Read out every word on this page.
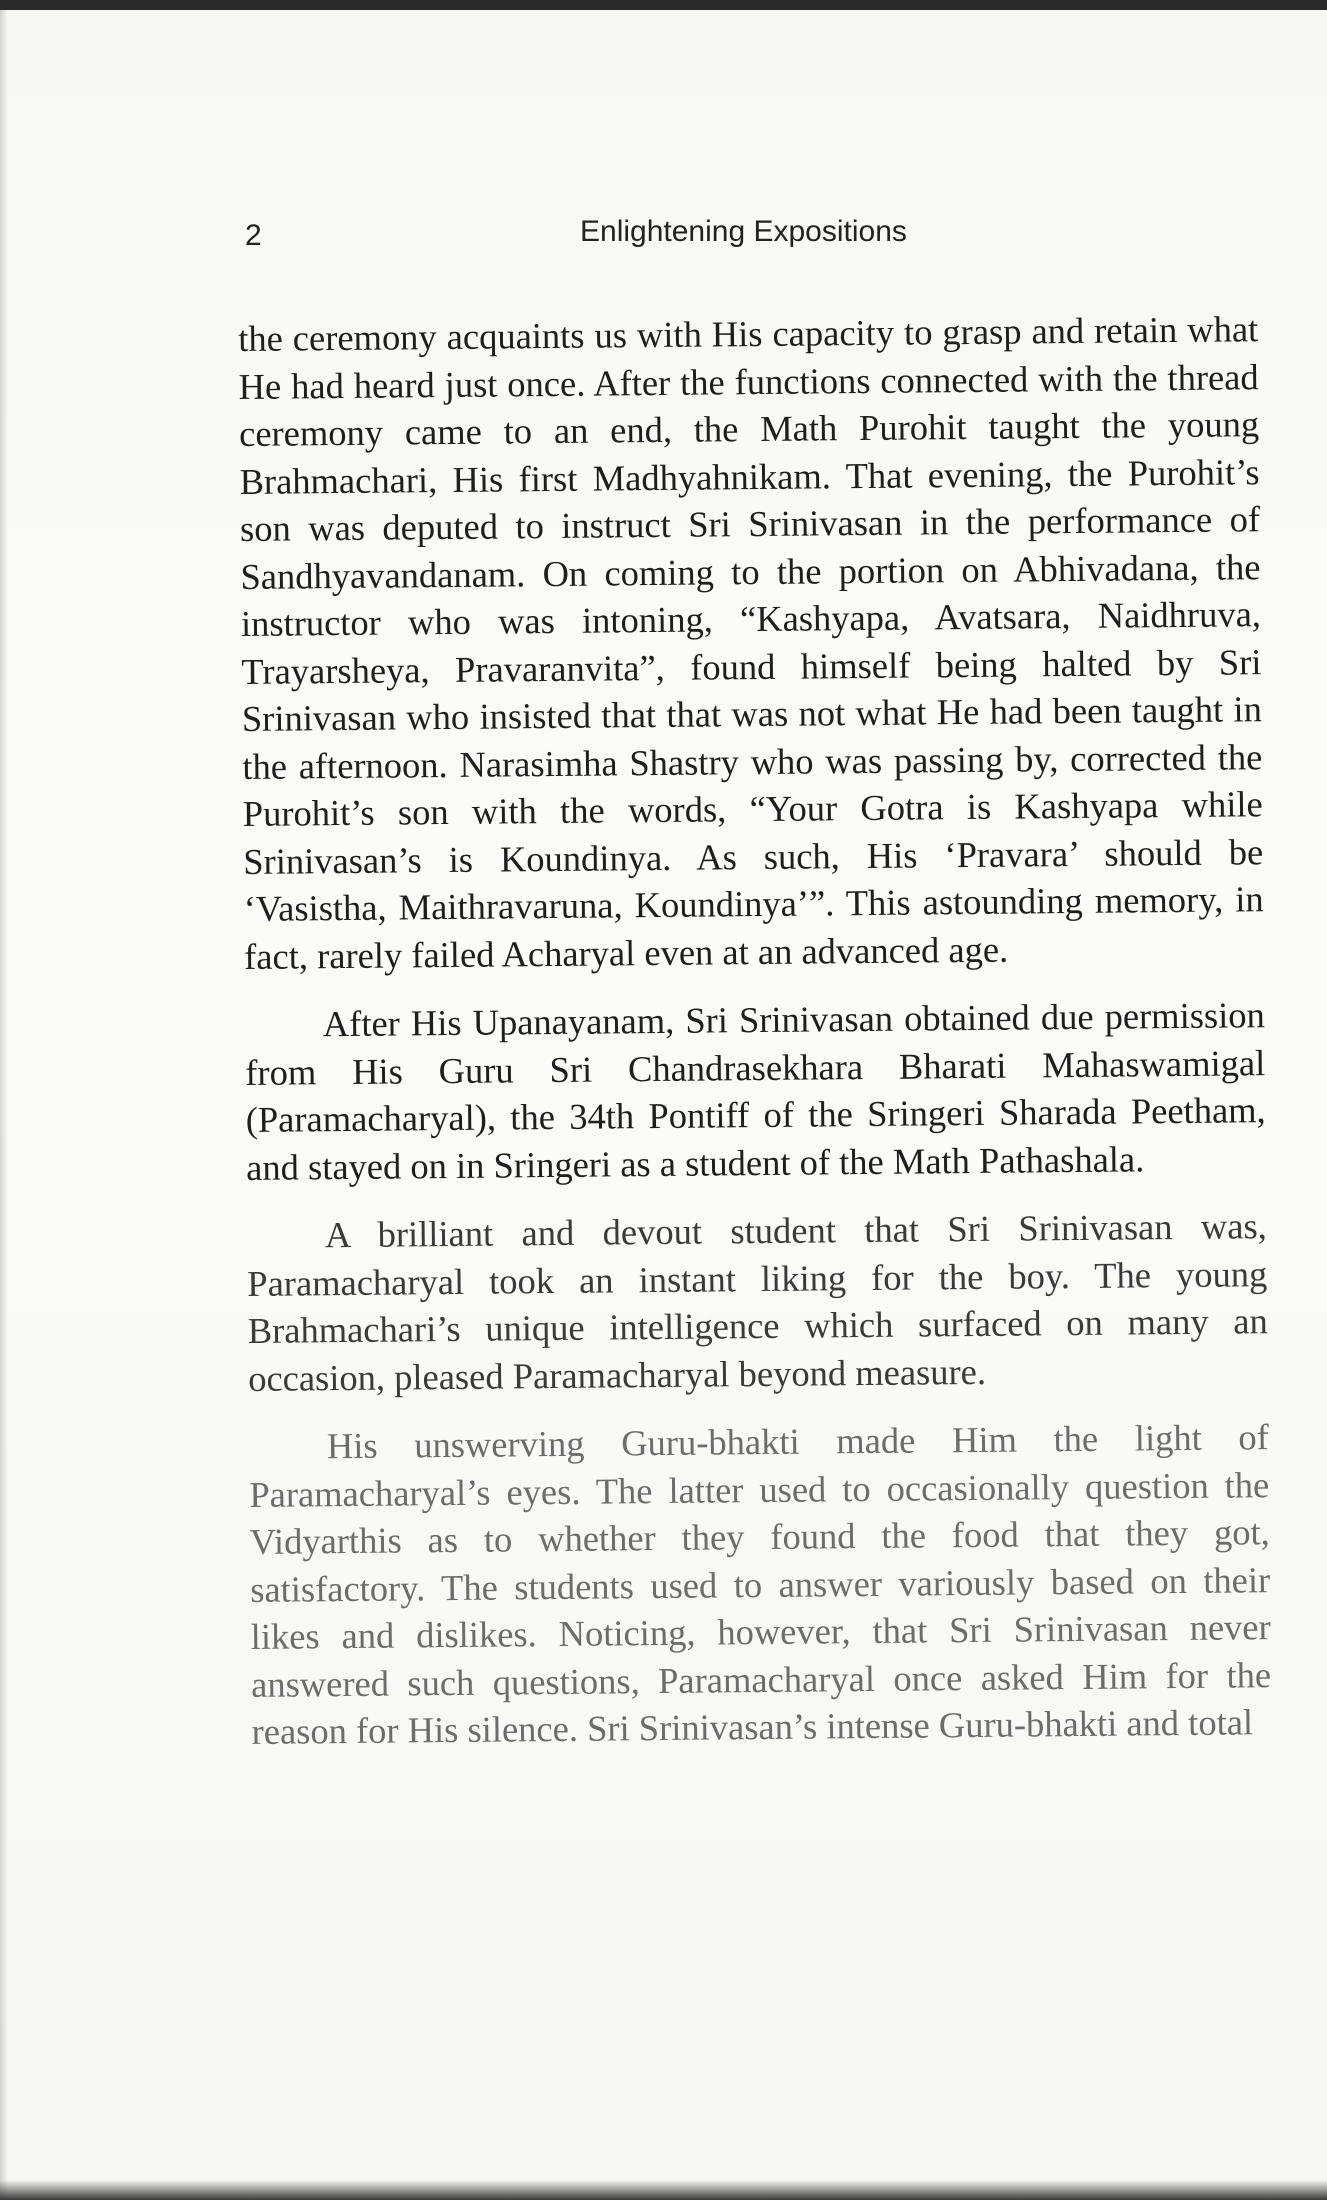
2	Enlightening Expositions

the ceremony acquaints us with His capacity to grasp and retain what He had heard just once. After the functions connected with the thread ceremony came to an end, the Math Purohit taught the young Brahmachari, His first Madhyahnikam. That evening, the Purohit’s son was deputed to instruct Sri Srinivasan in the performance of Sandhyavandanam. On coming to the portion on Abhivadana, the instructor who was intoning, “Kashyapa, Avatsara, Naidhruva, Trayarsheya, Pravaranvita”, found himself being halted by Sri Srinivasan who insisted that that was not what He had been taught in the afternoon. Narasimha Shastry who was passing by, corrected the Purohit’s son with the words, “Your Gotra is Kashyapa while Srinivasan’s is Koundinya. As such, His ‘Pravara’ should be ‘Vasistha, Maithravaruna, Koundinya’”. This astounding memory, in fact, rarely failed Acharyal even at an advanced age.

After His Upanayanam, Sri Srinivasan obtained due permission from His Guru Sri Chandrasekhara Bharati Mahaswamigal (Paramacharyal), the 34th Pontiff of the Sringeri Sharada Peetham, and stayed on in Sringeri as a student of the Math Pathashala.

A brilliant and devout student that Sri Srinivasan was, Paramacharyal took an instant liking for the boy. The young Brahmachari’s unique intelligence which surfaced on many an occasion, pleased Paramacharyal beyond measure.

His unswerving Guru-bhakti made Him the light of Paramacharyal’s eyes. The latter used to occasionally question the Vidyarthis as to whether they found the food that they got, satisfactory. The students used to answer variously based on their likes and dislikes. Noticing, however, that Sri Srinivasan never answered such questions, Paramacharyal once asked Him for the reason for His silence. Sri Srinivasan’s intense Guru-bhakti and total
